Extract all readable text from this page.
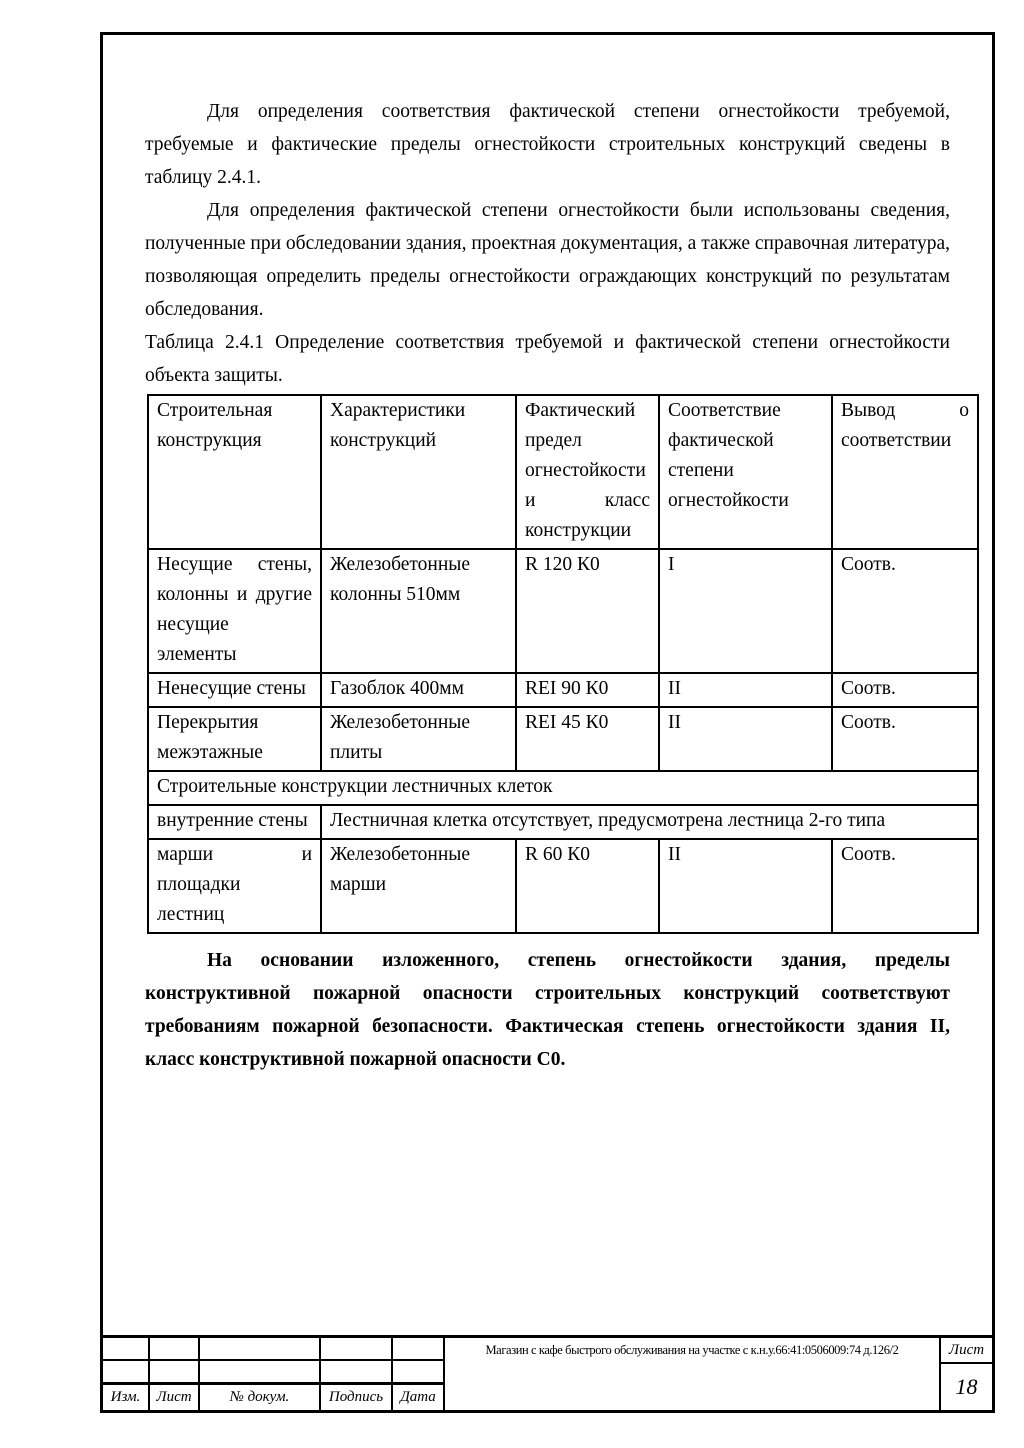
Для определения соответствия фактической степени огнестойкости требуемой, требуемые и фактические пределы огнестойкости строительных конструкций сведены в таблицу 2.4.1.

Для определения фактической степени огнестойкости были использованы сведения, полученные при обследовании здания, проектная документация, а также справочная литература, позволяющая определить пределы огнестойкости ограждающих конструкций по результатам обследования.

Таблица 2.4.1 Определение соответствия требуемой и фактической степени огнестойкости объекта защиты.

Строительная конструкция	Характеристики конструкций	Фактический предел огнестойкости и класс конструкции	Соответствие фактической степени огнестойкости	Вывод о соответствии
Несущие стены, колонны и другие несущие элементы	Железобетонные колонны 510мм	R 120 К0	I	Соотв.
Ненесущие стены	Газоблок 400мм	REI 90 К0	II	Соотв.
Перекрытия межэтажные	Железобетонные плиты	REI 45 К0	II	Соотв.
Строительные конструкции лестничных клеток				
внутренние стены	Лестничная клетка отсутствует, предусмотрена лестница 2-го типа			
марши и площадки лестниц	Железобетонные марши	R 60 К0	II	Соотв.

На основании изложенного, степень огнестойкости здания, пределы конструктивной пожарной опасности строительных конструкций соответствуют требованиям пожарной безопасности. Фактическая степень огнестойкости здания II, класс конструктивной пожарной опасности С0.

Магазин с кафе быстрого обслуживания на участке с к.н.у.66:41:0506009:74 д.126/2	Лист
18
Изм.	Лист	№ докум.	Подпись	Дата
